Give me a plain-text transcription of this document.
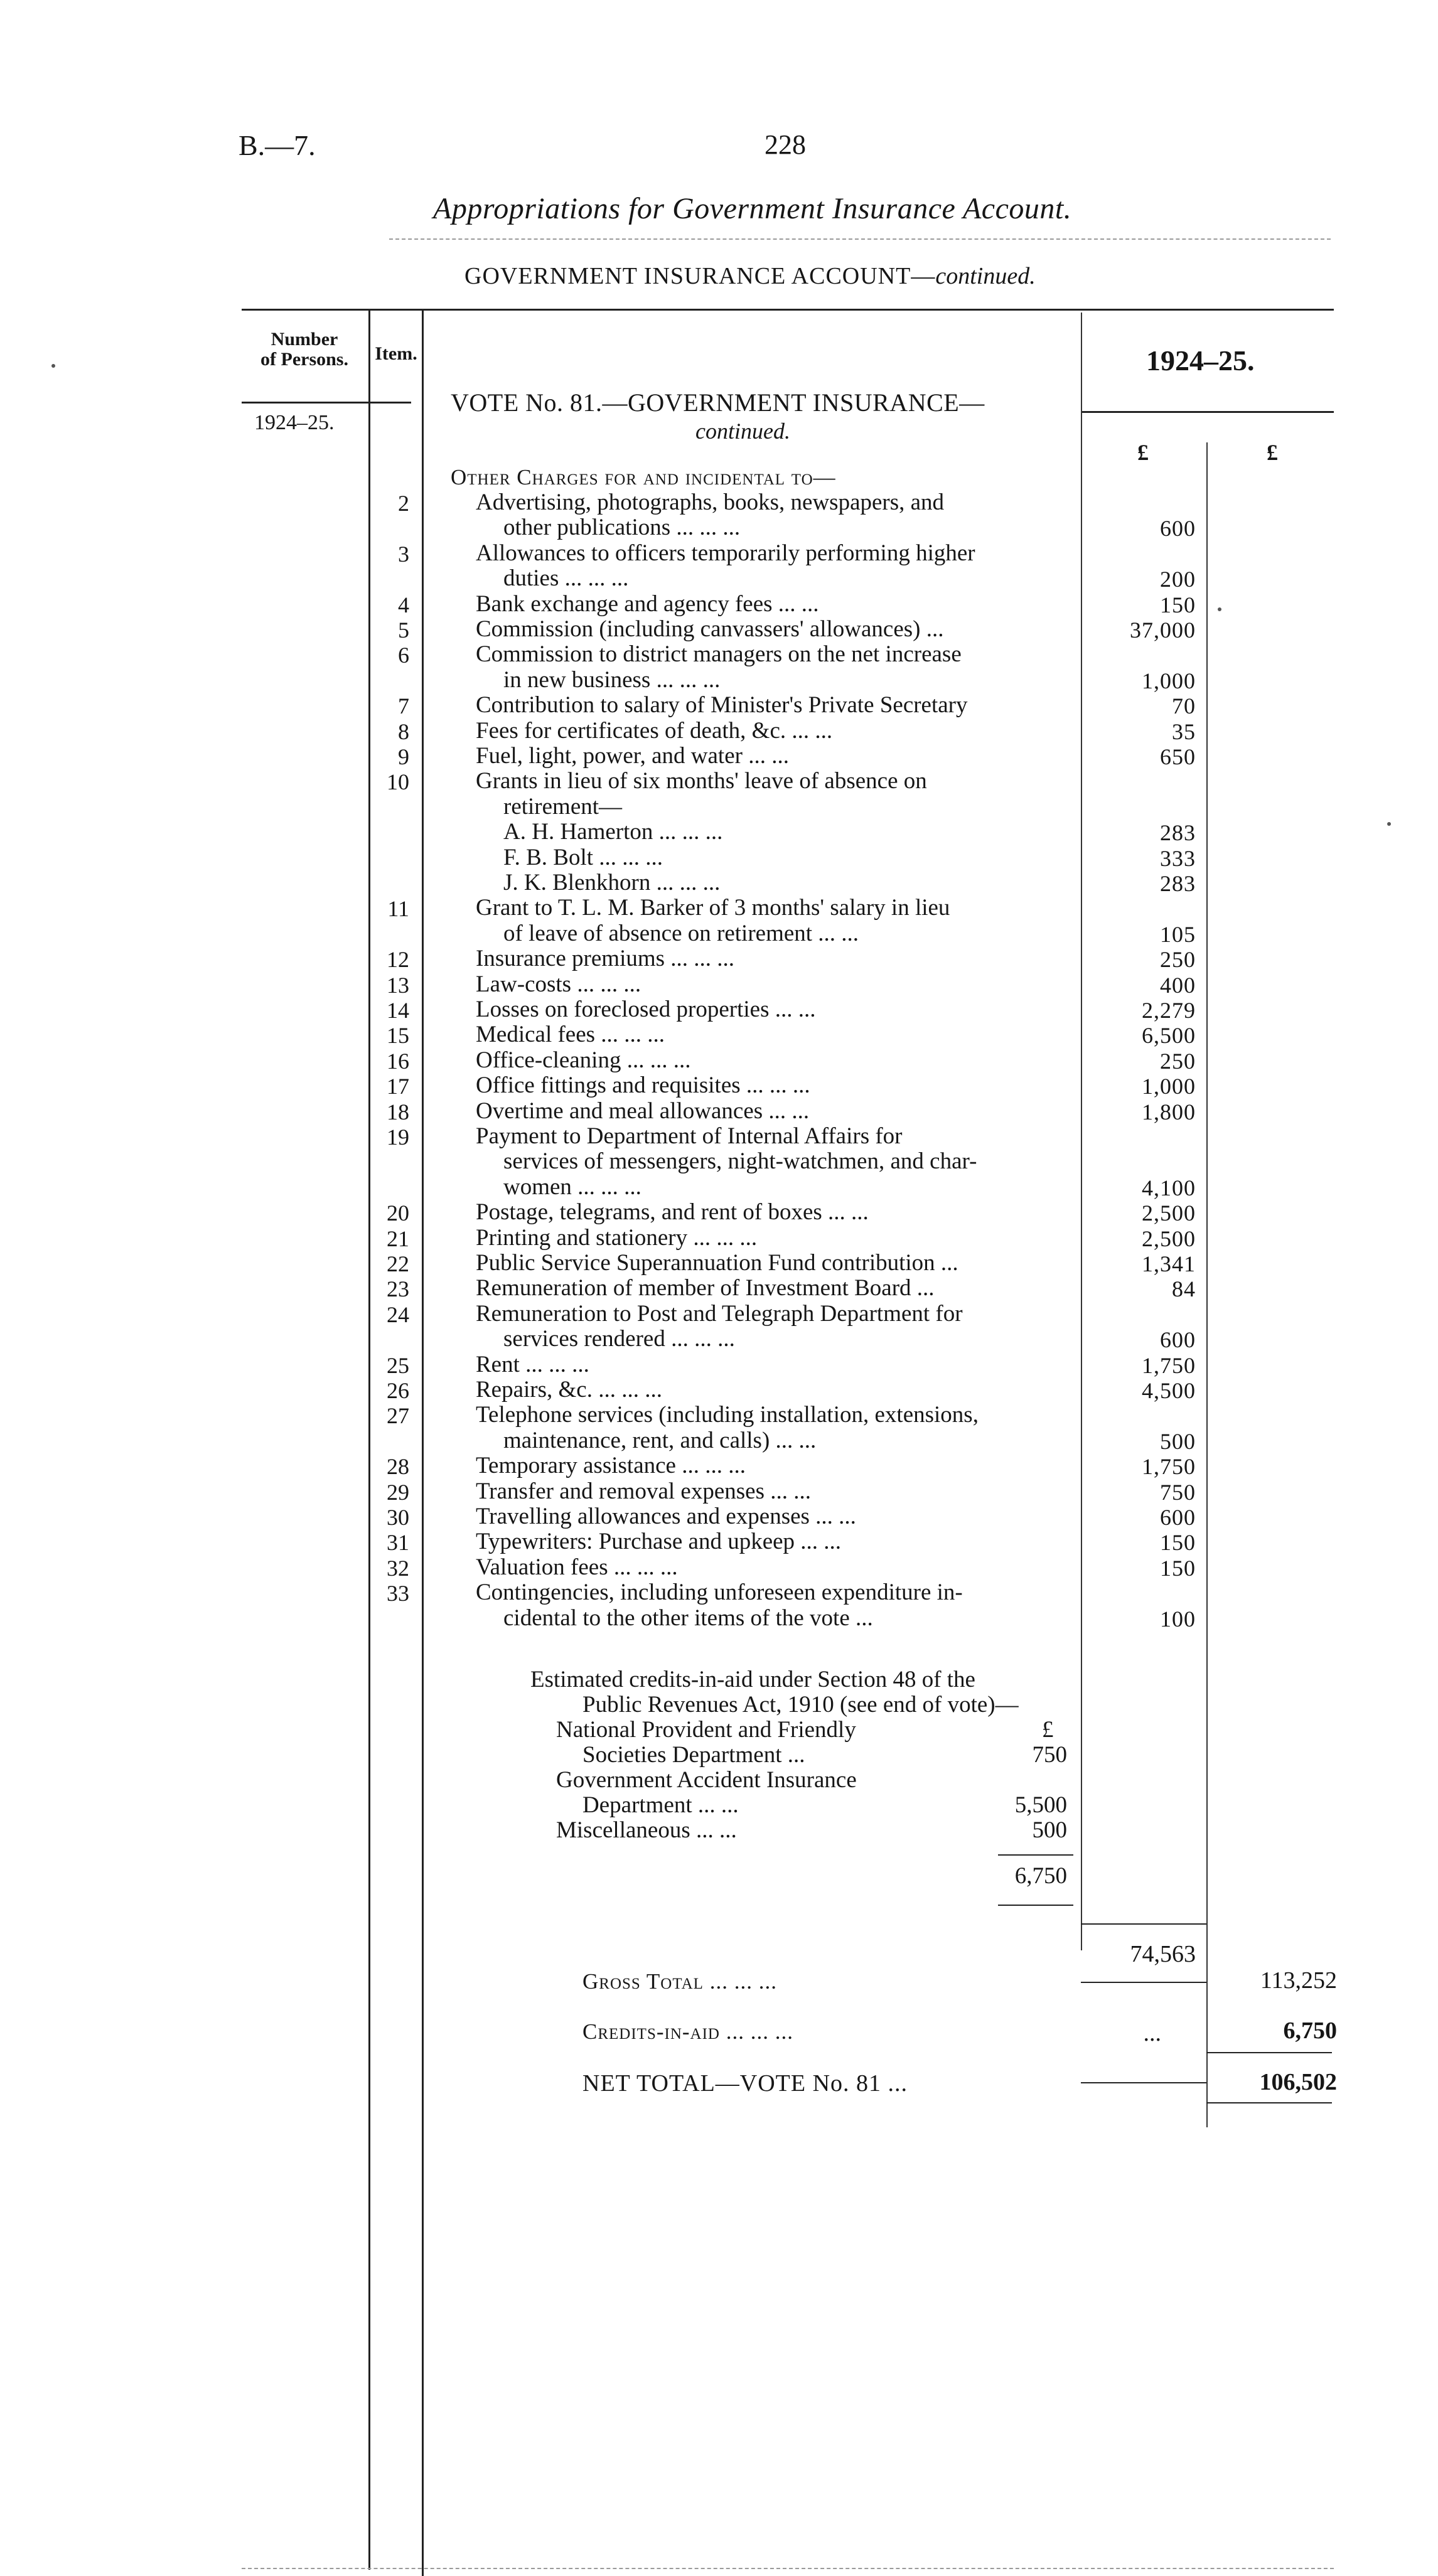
B.—7.	228
Appropriations for Government Insurance Account.
GOVERNMENT INSURANCE ACCOUNT—continued.
Number
of Persons.	Item.	1924–25.
1924–25.
£	£
VOTE No. 81.—GOVERNMENT INSURANCE—
continued.
Other Charges for and incidental to—
2	Advertising, photographs, books, newspapers, and
other publications ... ... ...	600
3	Allowances to officers temporarily performing higher
duties ... ... ...	200
4	Bank exchange and agency fees ... ...	150
5	Commission (including canvassers' allowances) ...	37,000
6	Commission to district managers on the net increase
in new business ... ... ...	1,000
7	Contribution to salary of Minister's Private Secretary	70
8	Fees for certificates of death, &c. ... ...	35
9	Fuel, light, power, and water ... ...	650
10	Grants in lieu of six months' leave of absence on
retirement—
A. H. Hamerton ... ... ...	283
F. B. Bolt ... ... ...	333
J. K. Blenkhorn ... ... ...	283
11	Grant to T. L. M. Barker of 3 months' salary in lieu
of leave of absence on retirement ... ...	105
12	Insurance premiums ... ... ...	250
13	Law-costs ... ... ...	400
14	Losses on foreclosed properties ... ...	2,279
15	Medical fees ... ... ...	6,500
16	Office-cleaning ... ... ...	250
17	Office fittings and requisites ... ... ...	1,000
18	Overtime and meal allowances ... ...	1,800
19	Payment to Department of Internal Affairs for
services of messengers, night-watchmen, and char-
women ... ... ...	4,100
20	Postage, telegrams, and rent of boxes ... ...	2,500
21	Printing and stationery ... ... ...	2,500
22	Public Service Superannuation Fund contribution ...	1,341
23	Remuneration of member of Investment Board ...	84
24	Remuneration to Post and Telegraph Department for
services rendered ... ... ...	600
25	Rent ... ... ...	1,750
26	Repairs, &c. ... ... ...	4,500
27	Telephone services (including installation, extensions,
maintenance, rent, and calls) ... ...	500
28	Temporary assistance ... ... ...	1,750
29	Transfer and removal expenses ... ...	750
30	Travelling allowances and expenses ... ...	600
31	Typewriters: Purchase and upkeep ... ...	150
32	Valuation fees ... ... ...	150
33	Contingencies, including unforeseen expenditure in-
cidental to the other items of the vote ...	100
Estimated credits-in-aid under Section 48 of the
Public Revenues Act, 1910 (see end of vote)—
£
National Provident and Friendly
Societies Department ...	750
Government Accident Insurance
Department ... ...	5,500
Miscellaneous ... ...	500
6,750
74,563
Gross Total ... ... ...	113,252
Credits-in-aid ... ... ...	...	6,750
NET TOTAL—VOTE No. 81 ...	106,502
